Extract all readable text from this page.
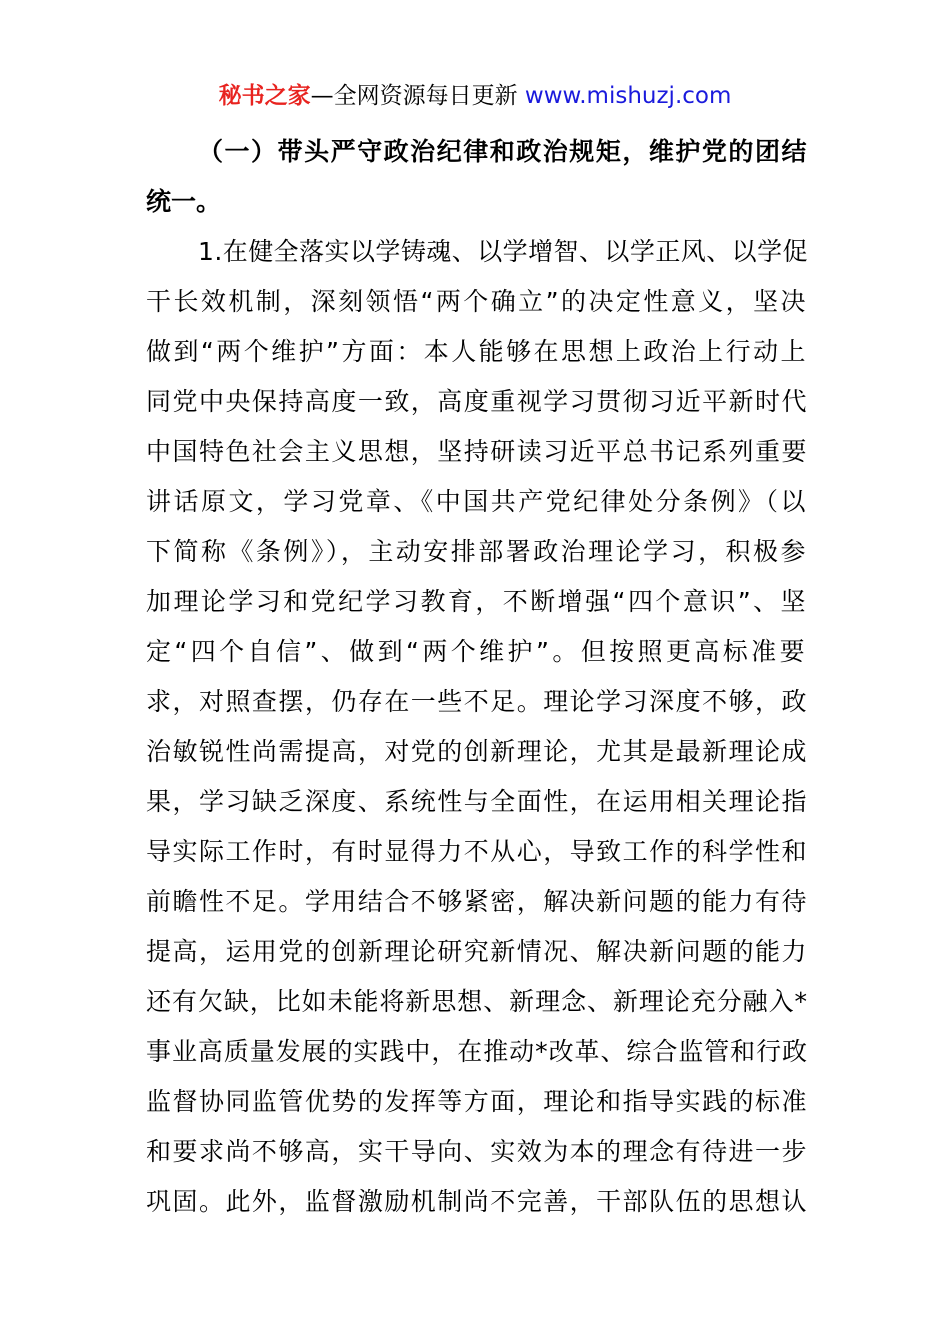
秘书之家—全网资源每日更新 www.mishuzj.com
（一）带头严守政治纪律和政治规矩，维护党的团结
统一。
1.在健全落实以学铸魂、以学增智、以学正风、以学促
干长效机制，深刻领悟“两个确立”的决定性意义，坚决
做到“两个维护”方面：本人能够在思想上政治上行动上
同党中央保持高度一致，高度重视学习贯彻习近平新时代
中国特色社会主义思想，坚持研读习近平总书记系列重要
讲话原文，学习党章、《中国共产党纪律处分条例》（以
下简称《条例》），主动安排部署政治理论学习，积极参
加理论学习和党纪学习教育，不断增强“四个意识”、坚
定“四个自信”、做到“两个维护”。但按照更高标准要
求，对照查摆，仍存在一些不足。理论学习深度不够，政
治敏锐性尚需提高，对党的创新理论，尤其是最新理论成
果，学习缺乏深度、系统性与全面性，在运用相关理论指
导实际工作时，有时显得力不从心，导致工作的科学性和
前瞻性不足。学用结合不够紧密，解决新问题的能力有待
提高，运用党的创新理论研究新情况、解决新问题的能力
还有欠缺，比如未能将新思想、新理念、新理论充分融入*
事业高质量发展的实践中，在推动*改革、综合监管和行政
监督协同监管优势的发挥等方面，理论和指导实践的标准
和要求尚不够高，实干导向、实效为本的理念有待进一步
巩固。此外，监督激励机制尚不完善，干部队伍的思想认
